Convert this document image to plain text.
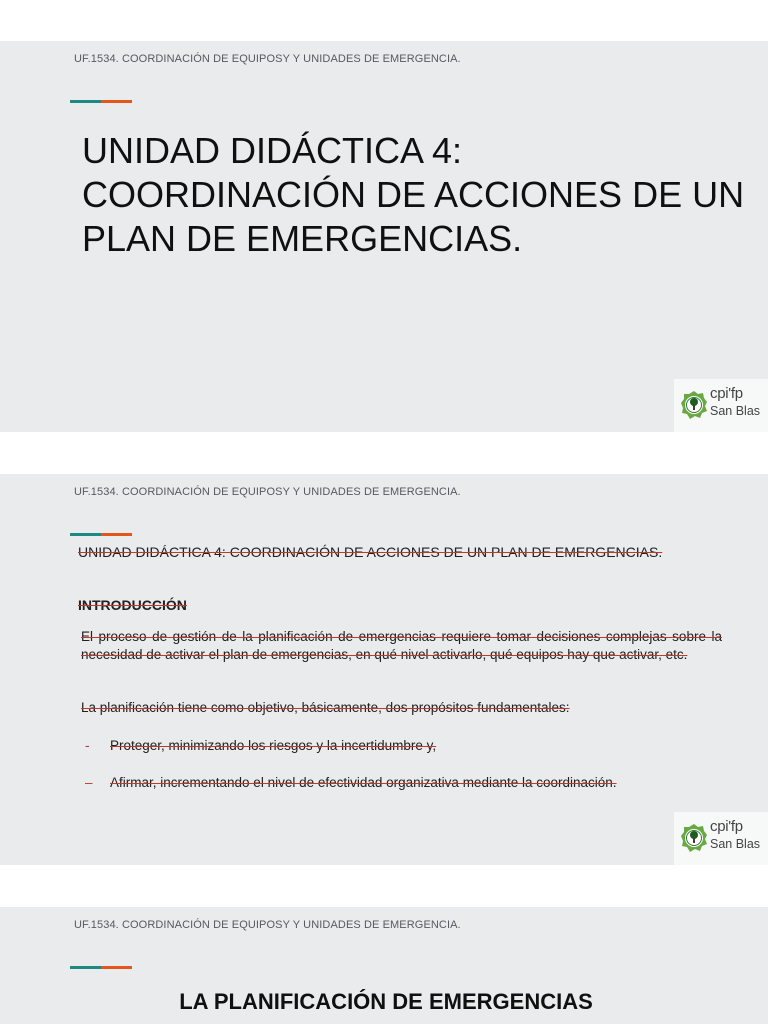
UF.1534. COORDINACIÓN DE EQUIPOSY Y UNIDADES DE EMERGENCIA.
UNIDAD DIDÁCTICA 4:
COORDINACIÓN DE ACCIONES DE UN
PLAN DE EMERGENCIAS.
cpi'fp
San Blas
UF.1534. COORDINACIÓN DE EQUIPOSY Y UNIDADES DE EMERGENCIA.
UNIDAD DIDÁCTICA 4: COORDINACIÓN DE ACCIONES DE UN PLAN DE EMERGENCIAS.
INTRODUCCIÓN

El proceso de gestión de la planificación de emergencias requiere tomar decisiones complejas sobre la necesidad de activar el plan de emergencias, en qué nivel activarlo, qué equipos hay que activar, etc.

La planificación tiene como objetivo, básicamente, dos propósitos fundamentales:

- Proteger, minimizando los riesgos y la incertidumbre y,
– Afirmar, incrementando el nivel de efectividad organizativa mediante la coordinación.
cpi'fp
San Blas
UF.1534. COORDINACIÓN DE EQUIPOSY Y UNIDADES DE EMERGENCIA.
LA PLANIFICACIÓN DE EMERGENCIAS
